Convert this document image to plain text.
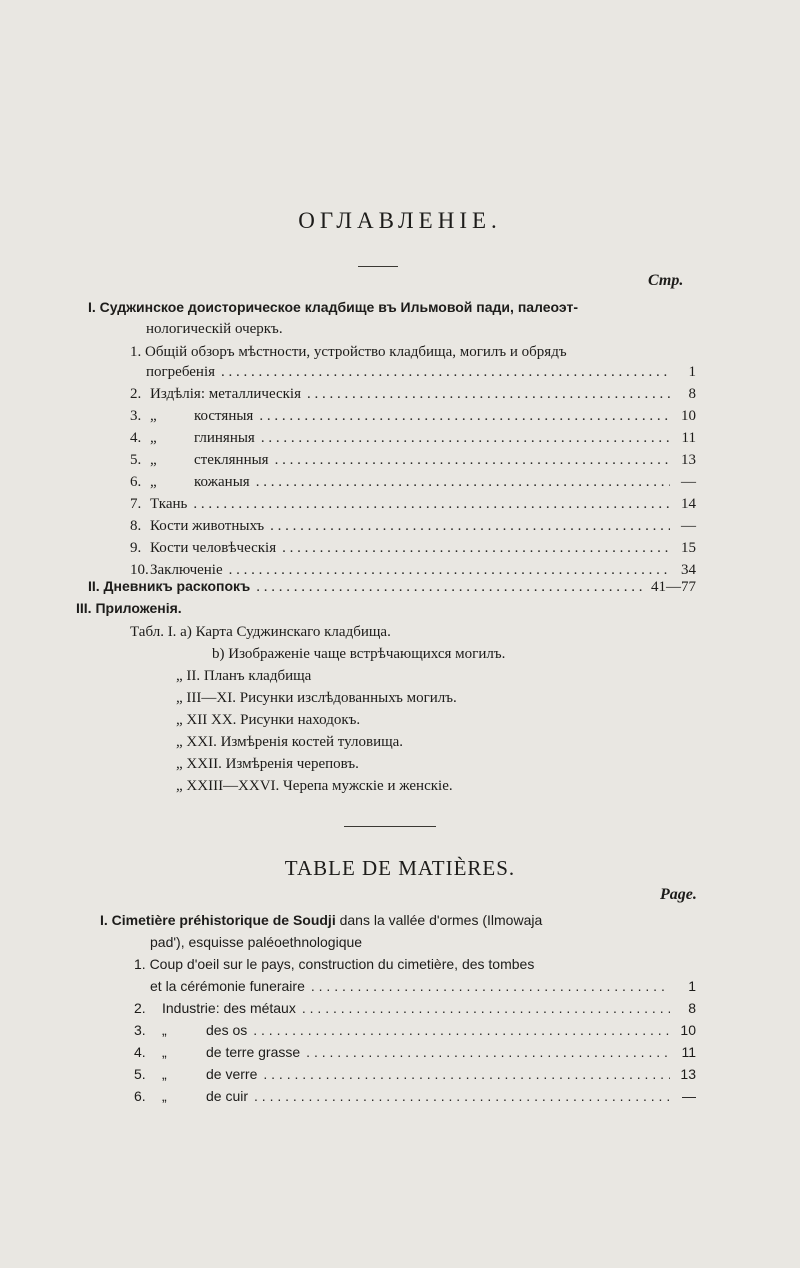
ОГЛАВЛЕНІЕ.
Стр.
I. Суджинское доисторическое кладбище въ Ильмовой пади, палеоэт-
нологическій очеркъ.
1. Общій обзоръ мѣстности, устройство кладбища, могилъ и обрядъ
погребенія . . .	1
2. Издѣлія: металлическія . . .	8
3. „ костяныя . . .	10
4. „ глиняныя . . .	11
5. „ стеклянныя . . .	13
6. „ кожаныя . . .	—
7. Ткань . . .	14
8. Кости животныхъ . . .	—
9. Кости человѣческія . . .	15
10.Заключеніе . . .	34
II. Дневникъ раскопокъ . . .	41—77
III. Приложенія.
Табл. I. a) Карта Суджинскаго кладбища.
b) Изображеніе чаще встрѣчающихся могилъ.
„ II. Планъ кладбища
„ III—XI. Рисунки изслѣдованныхъ могилъ.
„ XII XX. Рисунки находокъ.
„ XXI. Измѣренія костей туловища.
„ XXII. Измѣренія череповъ.
„ XXIII—XXVI. Черепа мужскіе и женскіе.
TABLE DE MATIÈRES.
Page.
I. Cimetière préhistorique de Soudji dans la vallée d'ormes (Ilmowaja
pad'), esquisse paléoethnologique
1. Coup d'oeil sur le pays, construction du cimetière, des tombes
et la cérémonie funeraire . . .	1
2. Industrie: des métaux . . .	8
3. „	des os . . .	10
4. „	de terre grasse . . .	11
5. „	de verre . . .	13
6. „	de cuir . . .	—
